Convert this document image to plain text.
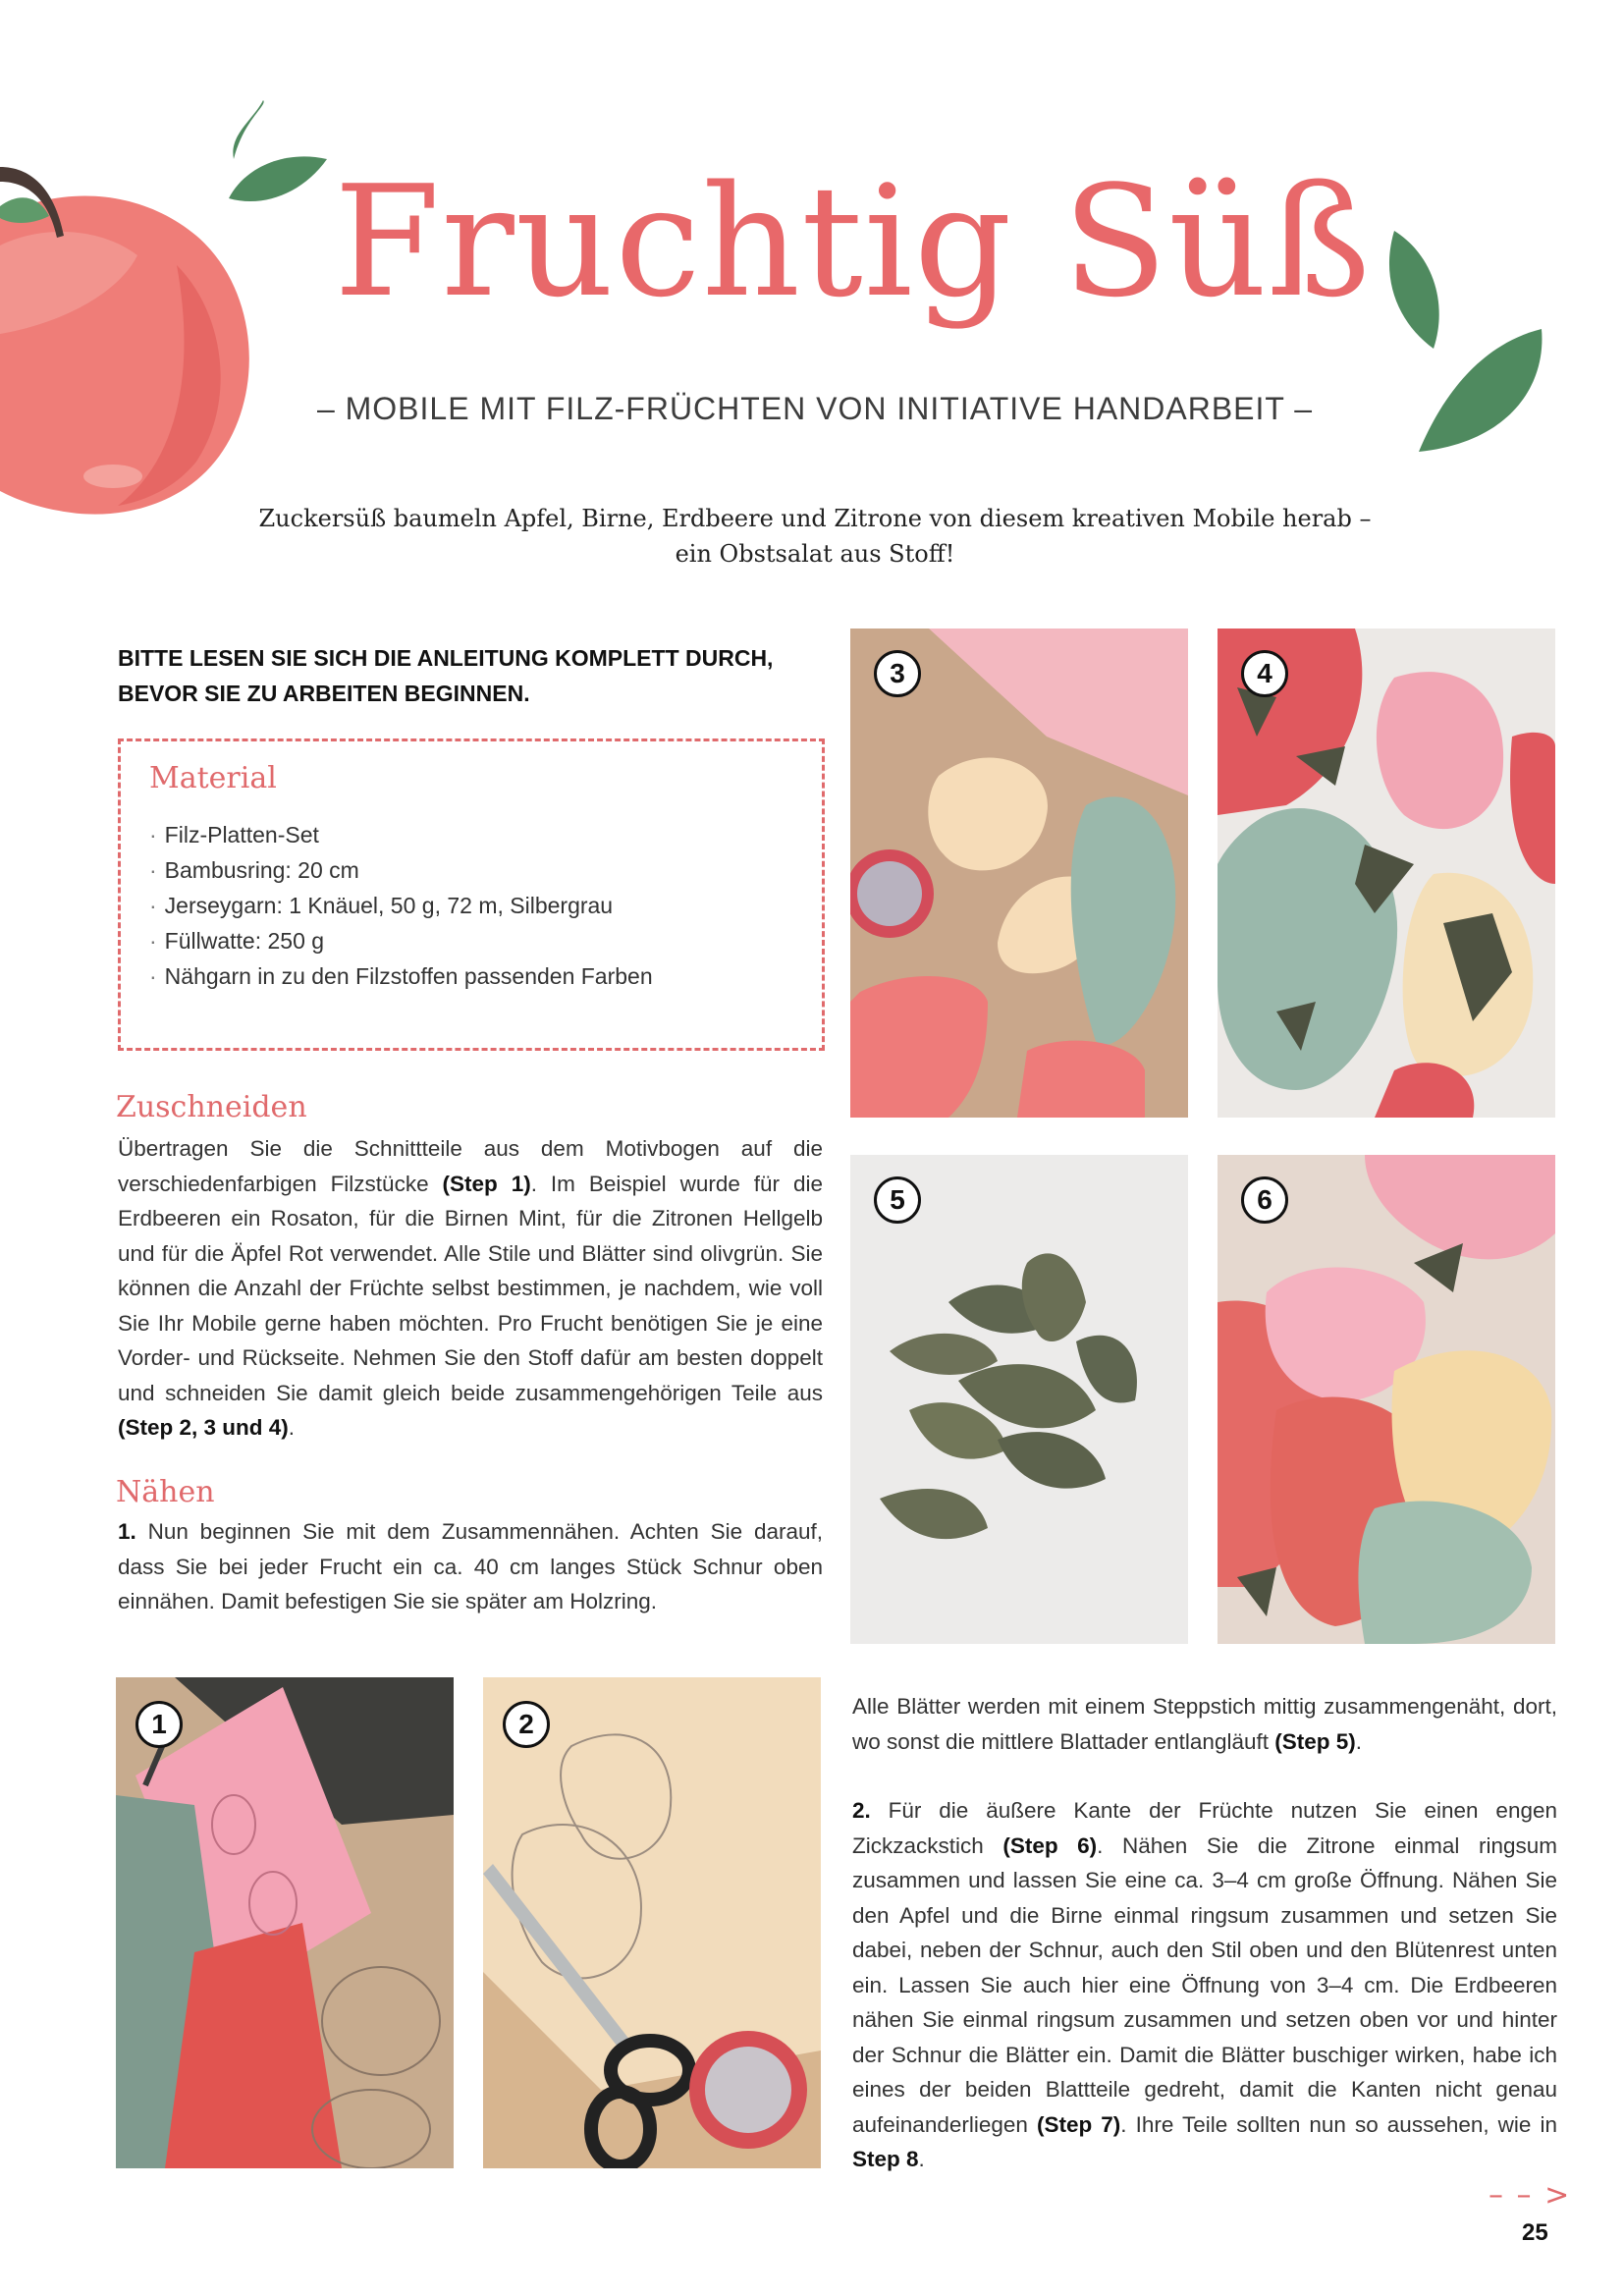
Fruchtig Süß
– MOBILE MIT FILZ-FRÜCHTEN VON INITIATIVE HANDARBEIT –
Zuckersüß baumeln Apfel, Birne, Erdbeere und Zitrone von diesem kreativen Mobile herab –
ein Obstsalat aus Stoff!
BITTE LESEN SIE SICH DIE ANLEITUNG KOMPLETT DURCH,
BEVOR SIE ZU ARBEITEN BEGINNEN.
Material
· Filz-Platten-Set
· Bambusring: 20 cm
· Jerseygarn: 1 Knäuel, 50 g, 72 m, Silbergrau
· Füllwatte: 250 g
· Nähgarn in zu den Filzstoffen passenden Farben
Zuschneiden
Übertragen Sie die Schnittteile aus dem Motivbogen auf die verschiedenfarbigen Filzstücke (Step 1). Im Beispiel wurde für die Erdbeeren ein Rosaton, für die Birnen Mint, für die Zitronen Hellgelb und für die Äpfel Rot verwendet. Alle Stile und Blätter sind olivgrün. Sie können die Anzahl der Früchte selbst bestimmen, je nachdem, wie voll Sie Ihr Mobile gerne haben möchten. Pro Frucht benötigen Sie je eine Vorder- und Rückseite. Nehmen Sie den Stoff dafür am besten doppelt und schneiden Sie damit gleich beide zusammengehörigen Teile aus (Step 2, 3 und 4).
Nähen
1. Nun beginnen Sie mit dem Zusammennähen. Achten Sie darauf, dass Sie bei jeder Frucht ein ca. 40 cm langes Stück Schnur oben einnähen. Damit befestigen Sie sie später am Holzring.
Alle Blätter werden mit einem Steppstich mittig zusammengenäht, dort, wo sonst die mittlere Blattader entlangläuft (Step 5).
2. Für die äußere Kante der Früchte nutzen Sie einen engen Zickzackstich (Step 6). Nähen Sie die Zitrone einmal ringsum zusammen und lassen Sie eine ca. 3–4 cm große Öffnung. Nähen Sie den Apfel und die Birne einmal ringsum zusammen und setzen Sie dabei, neben der Schnur, auch den Stil oben und den Blütenrest unten ein. Lassen Sie auch hier eine Öffnung von 3–4 cm. Die Erdbeeren nähen Sie einmal ringsum zusammen und setzen oben vor und hinter der Schnur die Blätter ein. Damit die Blätter buschiger wirken, habe ich eines der beiden Blattteile gedreht, damit die Kanten nicht genau aufeinanderliegen (Step 7). Ihre Teile sollten nun so aussehen, wie in Step 8.
3	4
5	6
1	2
– – >
25
